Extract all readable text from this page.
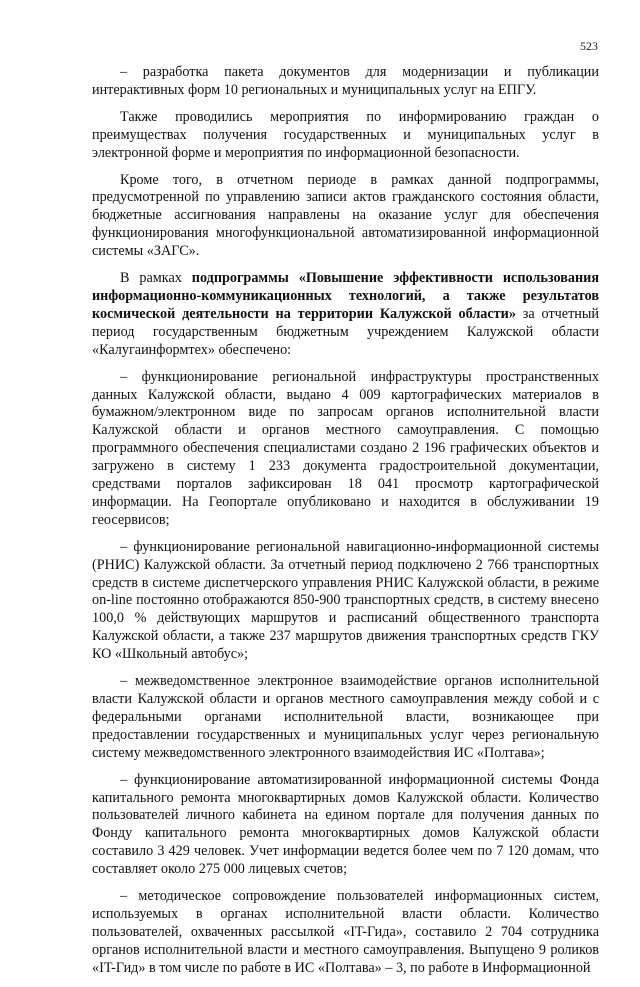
523

– разработка пакета документов для модернизации и публикации интерактивных форм 10 региональных и муниципальных услуг на ЕПГУ.

Также проводились мероприятия по информированию граждан о преимуществах получения государственных и муниципальных услуг в электронной форме и мероприятия по информационной безопасности.

Кроме того, в отчетном периоде в рамках данной подпрограммы, предусмотренной по управлению записи актов гражданского состояния области, бюджетные ассигнования направлены на оказание услуг для обеспечения функционирования многофункциональной автоматизированной информационной системы «ЗАГС».

В рамках подпрограммы «Повышение эффективности использования информационно-коммуникационных технологий, а также результатов космической деятельности на территории Калужской области» за отчетный период государственным бюджетным учреждением Калужской области «Калугаинформтех» обеспечено:

– функционирование региональной инфраструктуры пространственных данных Калужской области, выдано 4 009 картографических материалов в бумажном/электронном виде по запросам органов исполнительной власти Калужской области и органов местного самоуправления. С помощью программного обеспечения специалистами создано 2 196 графических объектов и загружено в систему 1 233 документа градостроительной документации, средствами порталов зафиксирован 18 041 просмотр картографической информации. На Геопортале опубликовано и находится в обслуживании 19 геосервисов;

– функционирование региональной навигационно-информационной системы (РНИС) Калужской области. За отчетный период подключено 2 766 транспортных средств в системе диспетчерского управления РНИС Калужской области, в режиме on-line постоянно отображаются 850-900 транспортных средств, в систему внесено 100,0 % действующих маршрутов и расписаний общественного транспорта Калужской области, а также 237 маршрутов движения транспортных средств ГКУ КО «Школьный автобус»;

– межведомственное электронное взаимодействие органов исполнительной власти Калужской области и органов местного самоуправления между собой и с федеральными органами исполнительной власти, возникающее при предоставлении государственных и муниципальных услуг через региональную систему межведомственного электронного взаимодействия ИС «Полтава»;

– функционирование автоматизированной информационной системы Фонда капитального ремонта многоквартирных домов Калужской области. Количество пользователей личного кабинета на едином портале для получения данных по Фонду капитального ремонта многоквартирных домов Калужской области составило 3 429 человек. Учет информации ведется более чем по 7 120 домам, что составляет около 275 000 лицевых счетов;

– методическое сопровождение пользователей информационных систем, используемых в органах исполнительной власти области. Количество пользователей, охваченных рассылкой «IT-Гида», составило 2 704 сотрудника органов исполнительной власти и местного самоуправления. Выпущено 9 роликов «IT-Гид» в том числе по работе в ИС «Полтава» – 3, по работе в Информационной
